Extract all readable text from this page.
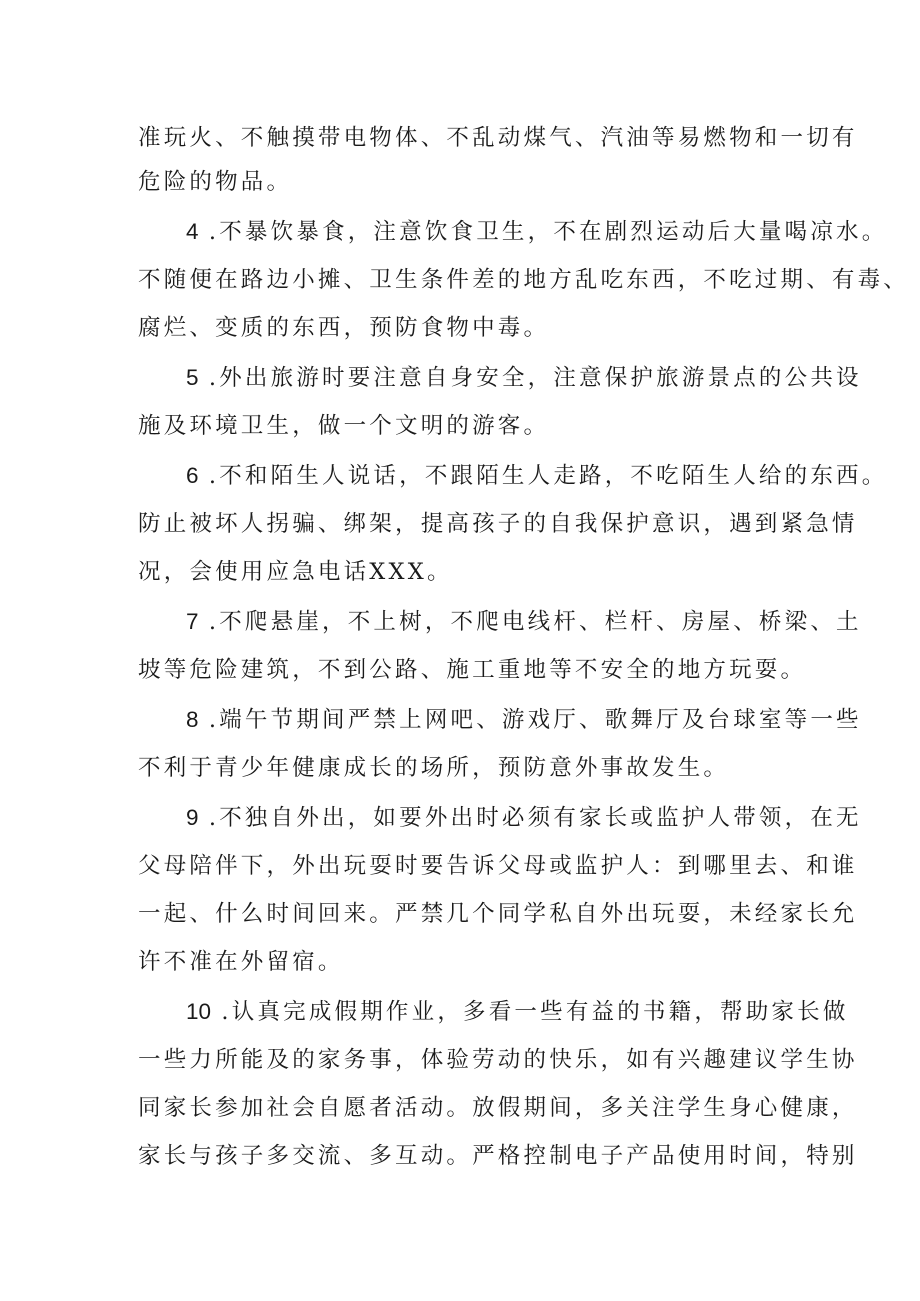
准玩火、不触摸带电物体、不乱动煤气、汽油等易燃物和一切有
危险的物品。
4 .不暴饮暴食，注意饮食卫生，不在剧烈运动后大量喝凉水。
不随便在路边小摊、卫生条件差的地方乱吃东西，不吃过期、有毒、
腐烂、变质的东西，预防食物中毒。
5 .外出旅游时要注意自身安全，注意保护旅游景点的公共设
施及环境卫生，做一个文明的游客。
6 .不和陌生人说话，不跟陌生人走路，不吃陌生人给的东西。
防止被坏人拐骗、绑架，提高孩子的自我保护意识，遇到紧急情
况，会使用应急电话XXX。
7 .不爬悬崖，不上树，不爬电线杆、栏杆、房屋、桥梁、土
坡等危险建筑，不到公路、施工重地等不安全的地方玩耍。
8 .端午节期间严禁上网吧、游戏厅、歌舞厅及台球室等一些
不利于青少年健康成长的场所，预防意外事故发生。
9 .不独自外出，如要外出时必须有家长或监护人带领，在无
父母陪伴下，外出玩耍时要告诉父母或监护人：到哪里去、和谁
一起、什么时间回来。严禁几个同学私自外出玩耍，未经家长允
许不准在外留宿。
10 .认真完成假期作业，多看一些有益的书籍，帮助家长做
一些力所能及的家务事，体验劳动的快乐，如有兴趣建议学生协
同家长参加社会自愿者活动。放假期间，多关注学生身心健康，
家长与孩子多交流、多互动。严格控制电子产品使用时间，特别
